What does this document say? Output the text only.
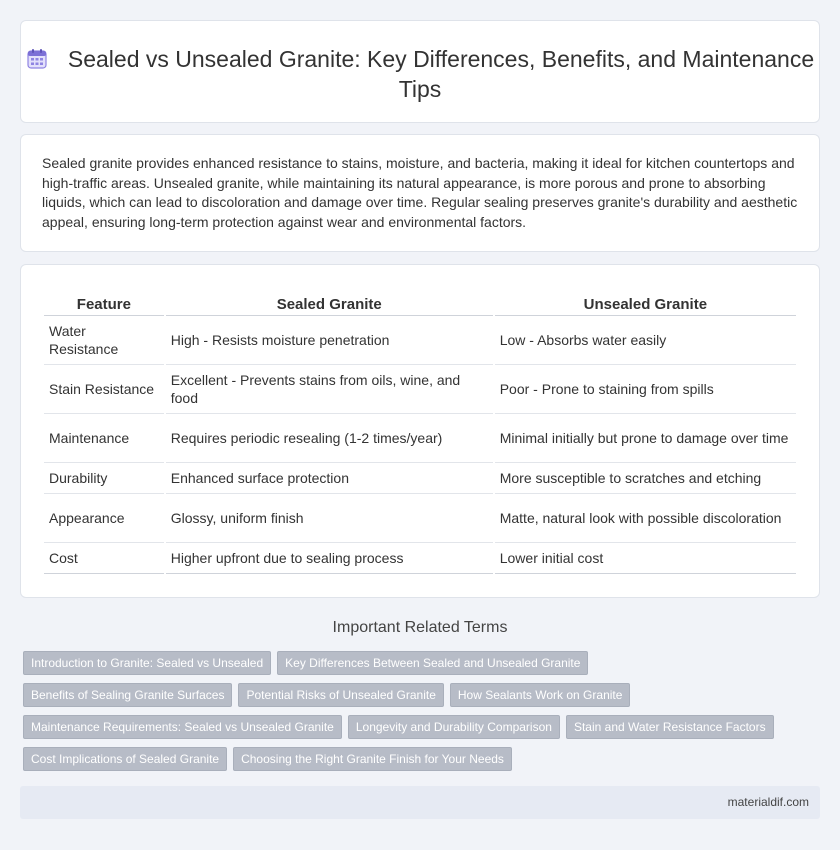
Sealed vs Unsealed Granite: Key Differences, Benefits, and Maintenance Tips

Sealed granite provides enhanced resistance to stains, moisture, and bacteria, making it ideal for kitchen countertops and high-traffic areas. Unsealed granite, while maintaining its natural appearance, is more porous and prone to absorbing liquids, which can lead to discoloration and damage over time. Regular sealing preserves granite's durability and aesthetic appeal, ensuring long-term protection against wear and environmental factors.

Feature	Sealed Granite	Unsealed Granite
Water Resistance	High - Resists moisture penetration	Low - Absorbs water easily
Stain Resistance	Excellent - Prevents stains from oils, wine, and food	Poor - Prone to staining from spills
Maintenance	Requires periodic resealing (1-2 times/year)	Minimal initially but prone to damage over time
Durability	Enhanced surface protection	More susceptible to scratches and etching
Appearance	Glossy, uniform finish	Matte, natural look with possible discoloration
Cost	Higher upfront due to sealing process	Lower initial cost
Important Related Terms
Introduction to Granite: Sealed vs Unsealed	Key Differences Between Sealed and Unsealed Granite
Benefits of Sealing Granite Surfaces	Potential Risks of Unsealed Granite	How Sealants Work on Granite
Maintenance Requirements: Sealed vs Unsealed Granite	Longevity and Durability Comparison	Stain and Water Resistance Factors
Cost Implications of Sealed Granite	Choosing the Right Granite Finish for Your Needs
materialdif.com
